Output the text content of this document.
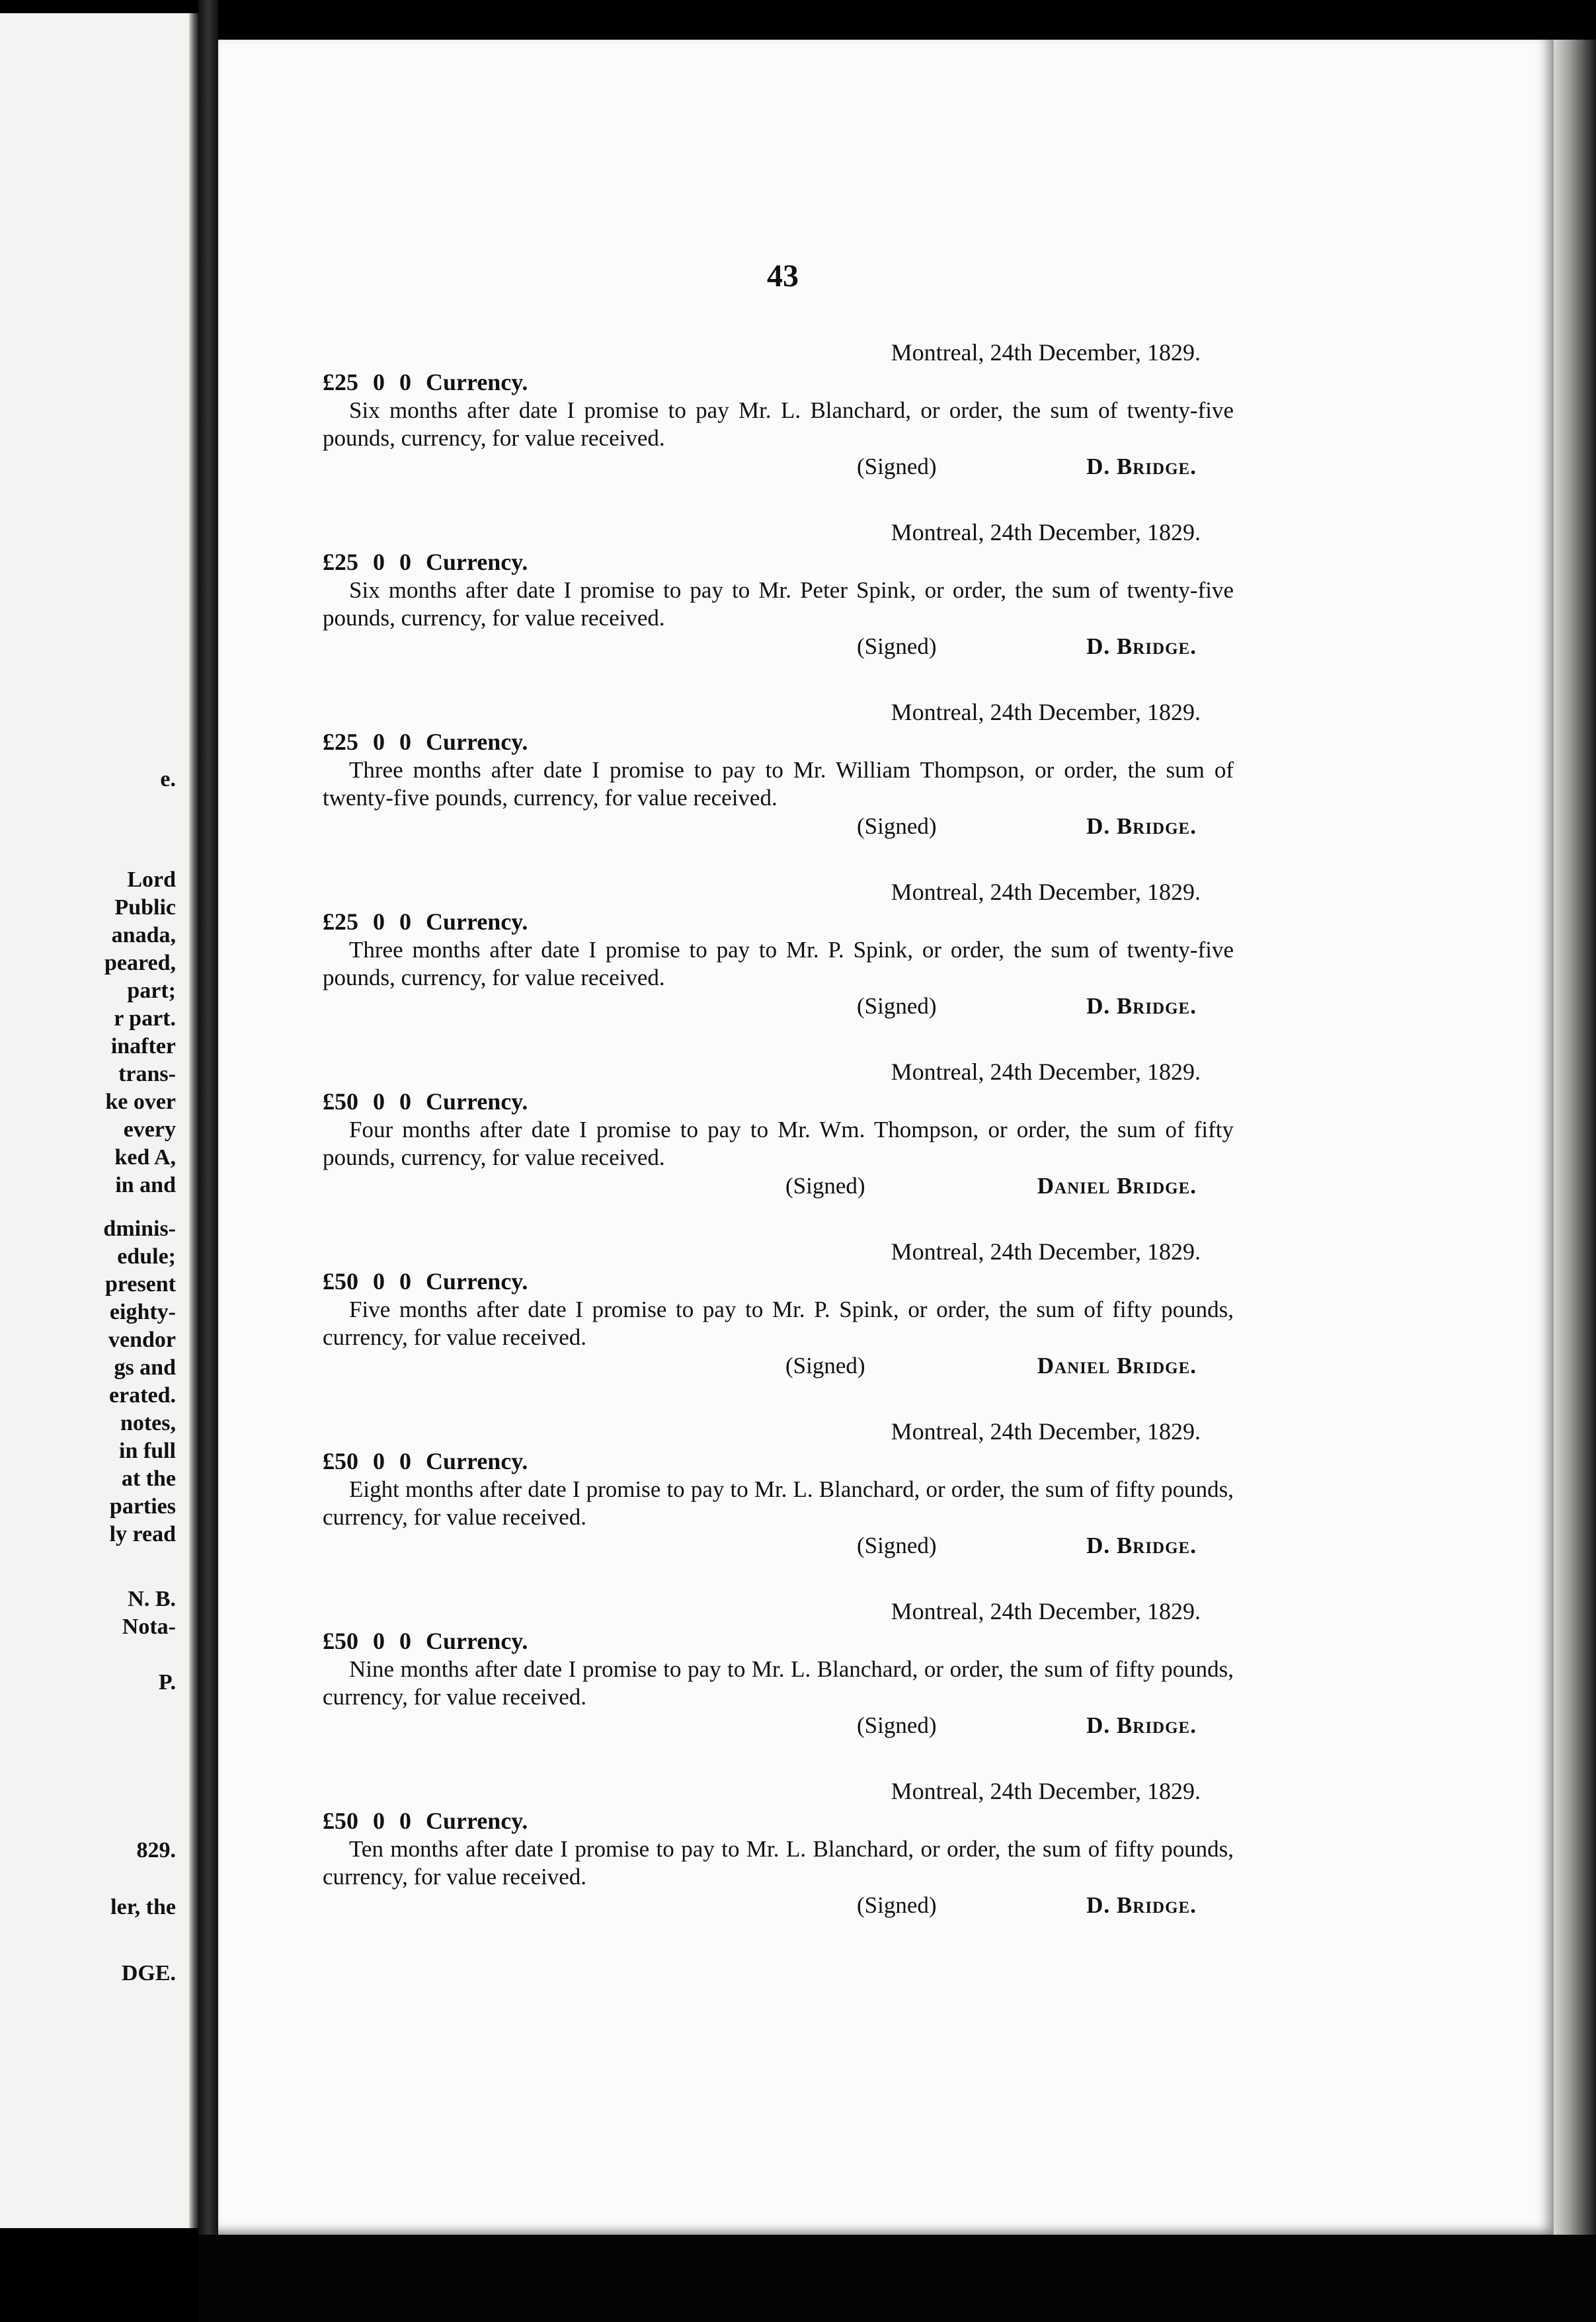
e.
Lord
Public
anada,
peared,
part;
r part.
inafter
trans-
ke over
every
ked A,
in and
dminis-
edule;
present
eighty-
vendor
gs and
erated.
notes,
in full
at the
parties
ly read
N. B.
Nota-
P.
829.
ler, the
DGE.
43
Montreal, 24th December, 1829.
£25 0 0 Currency.
Six months after date I promise to pay Mr. L. Blanchard, or order, the sum of twenty-five pounds, currency, for value received.
(Signed)	D. Bridge.
Montreal, 24th December, 1829.
£25 0 0 Currency.
Six months after date I promise to pay to Mr. Peter Spink, or order, the sum of twenty-five pounds, currency, for value received.
(Signed)	D. Bridge.
Montreal, 24th December, 1829.
£25 0 0 Currency.
Three months after date I promise to pay to Mr. William Thompson, or order, the sum of twenty-five pounds, currency, for value received.
(Signed)	D. Bridge.
Montreal, 24th December, 1829.
£25 0 0 Currency.
Three months after date I promise to pay to Mr. P. Spink, or order, the sum of twenty-five pounds, currency, for value received.
(Signed)	D. Bridge.
Montreal, 24th December, 1829.
£50 0 0 Currency.
Four months after date I promise to pay to Mr. Wm. Thompson, or order, the sum of fifty pounds, currency, for value received.
(Signed)	Daniel Bridge.
Montreal, 24th December, 1829.
£50 0 0 Currency.
Five months after date I promise to pay to Mr. P. Spink, or order, the sum of fifty pounds, currency, for value received.
(Signed)	Daniel Bridge.
Montreal, 24th December, 1829.
£50 0 0 Currency.
Eight months after date I promise to pay to Mr. L. Blanchard, or order, the sum of fifty pounds, currency, for value received.
(Signed)	D. Bridge.
Montreal, 24th December, 1829.
£50 0 0 Currency.
Nine months after date I promise to pay to Mr. L. Blanchard, or order, the sum of fifty pounds, currency, for value received.
(Signed)	D. Bridge.
Montreal, 24th December, 1829.
£50 0 0 Currency.
Ten months after date I promise to pay to Mr. L. Blanchard, or order, the sum of fifty pounds, currency, for value received.
(Signed)	D. Bridge.
